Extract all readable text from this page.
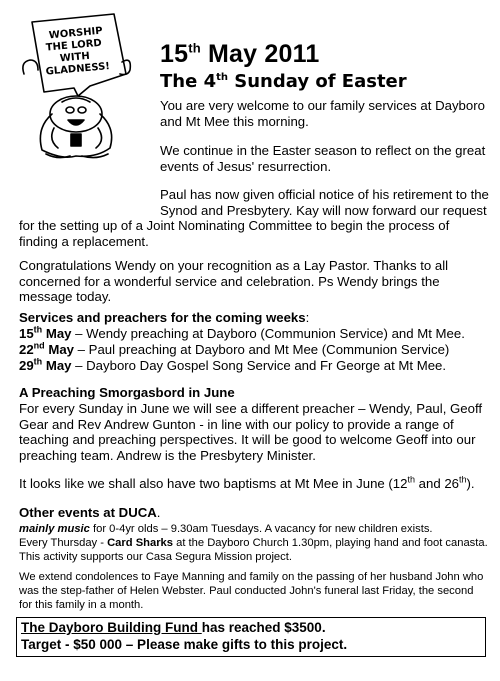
WORSHIP
THE LORD
WITH
GLADNESS!
15th May 2011
The 4th Sunday of Easter
You are very welcome to our family services at Dayboro and Mt Mee this morning.
We continue in the Easter season to reflect on the great events of Jesus' resurrection.
Paul has now given official notice of his retirement to the Synod and Presbytery. Kay will now forward our request
for the setting up of a Joint Nominating Committee to begin the process of finding a replacement.
Congratulations Wendy on your recognition as a Lay Pastor. Thanks to all concerned for a wonderful service and celebration. Ps Wendy brings the message today.
Services and preachers for the coming weeks:
15th May – Wendy preaching at Dayboro (Communion Service) and Mt Mee.
22nd May – Paul preaching at Dayboro and Mt Mee (Communion Service)
29th May – Dayboro Day Gospel Song Service and Fr George at Mt Mee.
A Preaching Smorgasbord in June
For every Sunday in June we will see a different preacher – Wendy, Paul, Geoff Gear and Rev Andrew Gunton - in line with our policy to provide a range of teaching and preaching perspectives. It will be good to welcome Geoff into our preaching team. Andrew is the Presbytery Minister.
It looks like we shall also have two baptisms at Mt Mee in June (12th and 26th).
Other events at DUCA.
mainly music for 0-4yr olds – 9.30am Tuesdays. A vacancy for new children exists.
Every Thursday - Card Sharks at the Dayboro Church 1.30pm, playing hand and foot canasta. This activity supports our Casa Segura Mission project.
We extend condolences to Faye Manning and family on the passing of her husband John who was the step-father of Helen Webster. Paul conducted John's funeral last Friday, the second for this family in a month.
The Dayboro Building Fund has reached $3500.
Target - $50 000 – Please make gifts to this project.
